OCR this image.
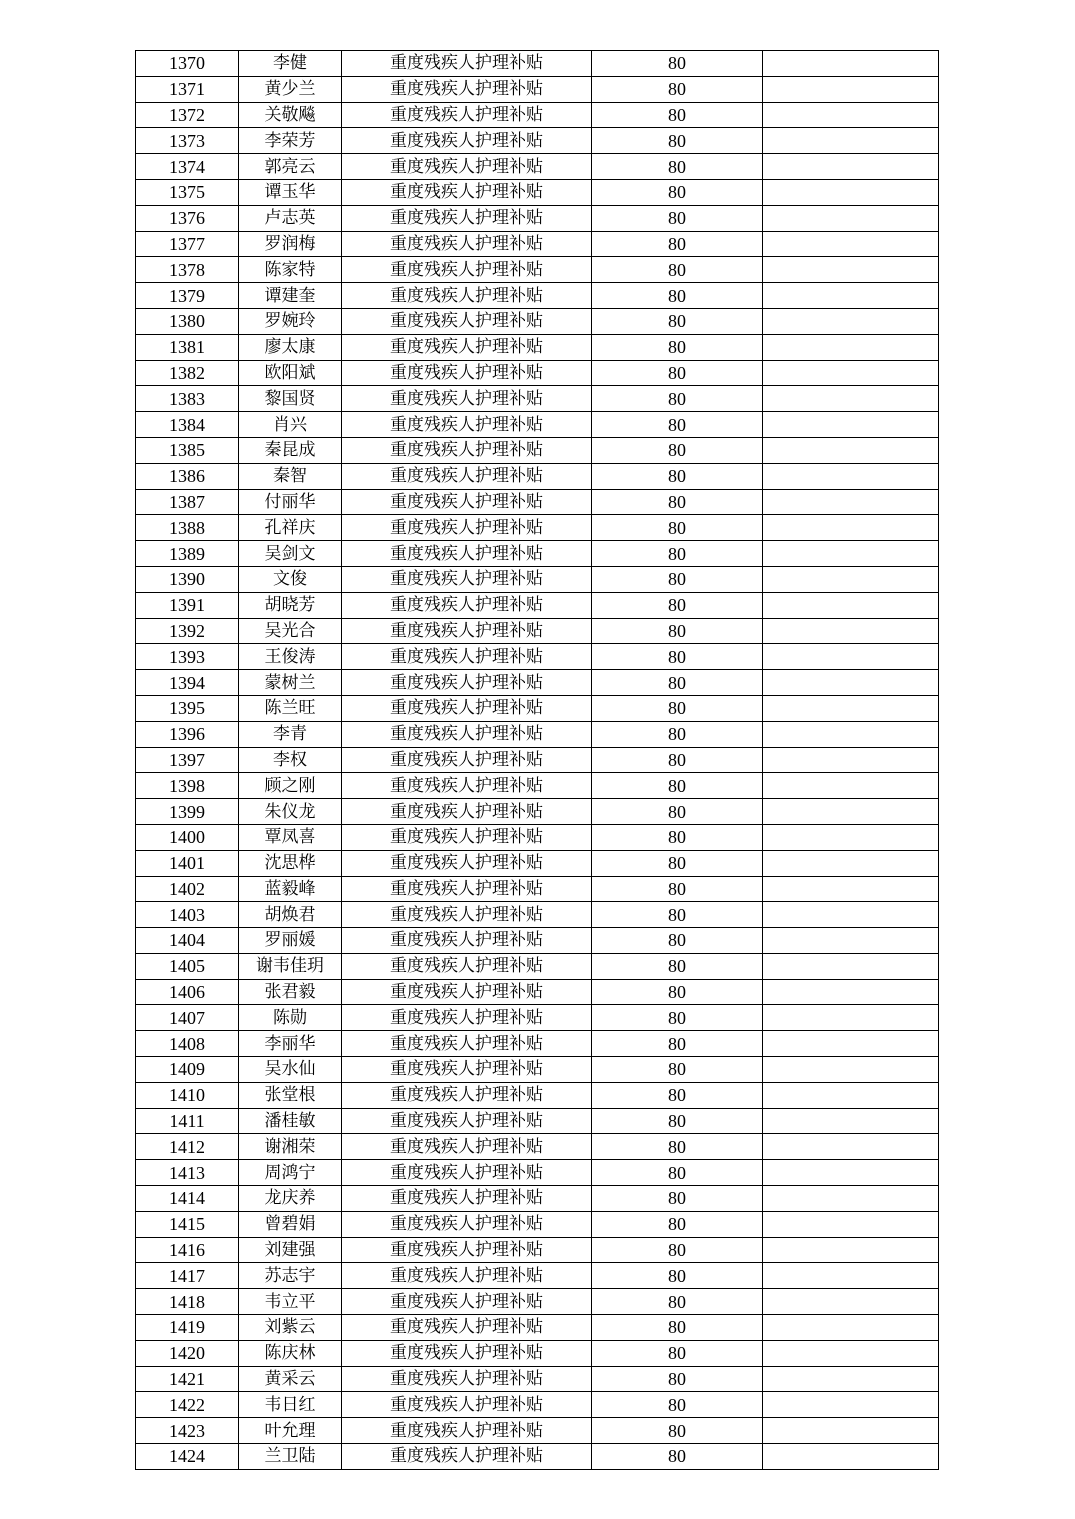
1370	李健	重度残疾人护理补贴	80	
1371	黄少兰	重度残疾人护理补贴	80	
1372	关敬飚	重度残疾人护理补贴	80	
1373	李荣芳	重度残疾人护理补贴	80	
1374	郭亮云	重度残疾人护理补贴	80	
1375	谭玉华	重度残疾人护理补贴	80	
1376	卢志英	重度残疾人护理补贴	80	
1377	罗润梅	重度残疾人护理补贴	80	
1378	陈家特	重度残疾人护理补贴	80	
1379	谭建奎	重度残疾人护理补贴	80	
1380	罗婉玲	重度残疾人护理补贴	80	
1381	廖太康	重度残疾人护理补贴	80	
1382	欧阳斌	重度残疾人护理补贴	80	
1383	黎国贤	重度残疾人护理补贴	80	
1384	肖兴	重度残疾人护理补贴	80	
1385	秦昆成	重度残疾人护理补贴	80	
1386	秦智	重度残疾人护理补贴	80	
1387	付丽华	重度残疾人护理补贴	80	
1388	孔祥庆	重度残疾人护理补贴	80	
1389	吴剑文	重度残疾人护理补贴	80	
1390	文俊	重度残疾人护理补贴	80	
1391	胡晓芳	重度残疾人护理补贴	80	
1392	吴光合	重度残疾人护理补贴	80	
1393	王俊涛	重度残疾人护理补贴	80	
1394	蒙树兰	重度残疾人护理补贴	80	
1395	陈兰旺	重度残疾人护理补贴	80	
1396	李青	重度残疾人护理补贴	80	
1397	李权	重度残疾人护理补贴	80	
1398	顾之刚	重度残疾人护理补贴	80	
1399	朱仪龙	重度残疾人护理补贴	80	
1400	覃凤喜	重度残疾人护理补贴	80	
1401	沈思桦	重度残疾人护理补贴	80	
1402	蓝毅峰	重度残疾人护理补贴	80	
1403	胡焕君	重度残疾人护理补贴	80	
1404	罗丽媛	重度残疾人护理补贴	80	
1405	谢韦佳玥	重度残疾人护理补贴	80	
1406	张君毅	重度残疾人护理补贴	80	
1407	陈勋	重度残疾人护理补贴	80	
1408	李丽华	重度残疾人护理补贴	80	
1409	吴水仙	重度残疾人护理补贴	80	
1410	张堂根	重度残疾人护理补贴	80	
1411	潘桂敏	重度残疾人护理补贴	80	
1412	谢湘荣	重度残疾人护理补贴	80	
1413	周鸿宁	重度残疾人护理补贴	80	
1414	龙庆养	重度残疾人护理补贴	80	
1415	曾碧娟	重度残疾人护理补贴	80	
1416	刘建强	重度残疾人护理补贴	80	
1417	苏志宇	重度残疾人护理补贴	80	
1418	韦立平	重度残疾人护理补贴	80	
1419	刘紫云	重度残疾人护理补贴	80	
1420	陈庆林	重度残疾人护理补贴	80	
1421	黄采云	重度残疾人护理补贴	80	
1422	韦日红	重度残疾人护理补贴	80	
1423	叶允理	重度残疾人护理补贴	80	
1424	兰卫陆	重度残疾人护理补贴	80	
